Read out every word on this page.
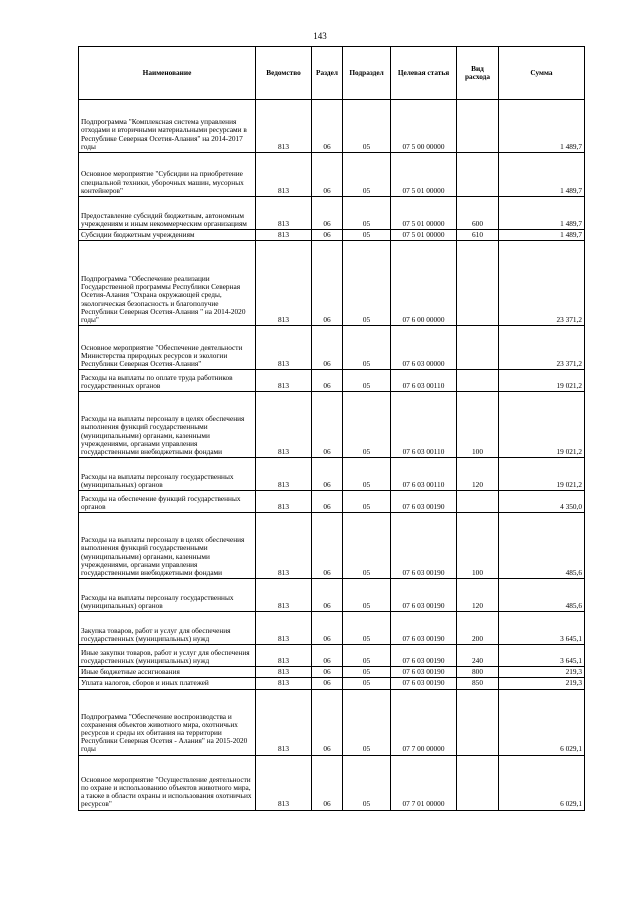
143
Наименование	Ведомство	Раздел	Подраздел	Целевая статья	Вид расхода	Сумма
Подпрограмма "Комплексная система управления отходами и вторичными материальными ресурсами в Республике Северная Осетия-Алания" на 2014-2017 годы	813	06	05	07 5 00 00000		1 489,7
Основное мероприятие "Субсидии на приобретение специальной техники, уборочных машин, мусорных контейнеров"	813	06	05	07 5 01 00000		1 489,7
Предоставление субсидий бюджетным, автономным учреждениям и иным некоммерческим организациям	813	06	05	07 5 01 00000	600	1 489,7
Субсидии бюджетным учреждениям	813	06	05	07 5 01 00000	610	1 489,7
Подпрограмма "Обеспечение реализации Государственной программы Республики Северная Осетия-Алания "Охрана окружающей среды, экологическая безопасность и благополучие Республики Северная Осетия-Алания " на 2014-2020 годы"	813	06	05	07 6 00 00000		23 371,2
Основное мероприятие "Обеспечение деятельности Министерства природных ресурсов и экологии Республики Северная Осетия-Алания"	813	06	05	07 6 03 00000		23 371,2
Расходы на выплаты по оплате труда работников государственных органов	813	06	05	07 6 03 00110		19 021,2
Расходы на выплаты персоналу в целях обеспечения выполнения функций государственными (муниципальными) органами, казенными учреждениями, органами управления государственными внебюджетными фондами	813	06	05	07 6 03 00110	100	19 021,2
Расходы на выплаты персоналу государственных (муниципальных) органов	813	06	05	07 6 03 00110	120	19 021,2
Расходы на обеспечение функций государственных органов	813	06	05	07 6 03 00190		4 350,0
Расходы на выплаты персоналу в целях обеспечения выполнения функций государственными (муниципальными) органами, казенными учреждениями, органами управления государственными внебюджетными фондами	813	06	05	07 6 03 00190	100	485,6
Расходы на выплаты персоналу государственных (муниципальных) органов	813	06	05	07 6 03 00190	120	485,6
Закупка товаров, работ и услуг для обеспечения государственных (муниципальных) нужд	813	06	05	07 6 03 00190	200	3 645,1
Иные закупки товаров, работ и услуг для обеспечения государственных (муниципальных) нужд	813	06	05	07 6 03 00190	240	3 645,1
Иные бюджетные ассигнования	813	06	05	07 6 03 00190	800	219,3
Уплата налогов, сборов и иных платежей	813	06	05	07 6 03 00190	850	219,3
Подпрограмма "Обеспечение воспроизводства и сохранения объектов животного мира, охотничьих ресурсов и среды их обитания на территории Республики Северная Осетия - Алания" на 2015-2020 годы	813	06	05	07 7 00 00000		6 029,1
Основное мероприятие "Осуществление деятельности по охране и использованию объектов животного мира, а также в области охраны и использования охотничьих ресурсов"	813	06	05	07 7 01 00000		6 029,1
